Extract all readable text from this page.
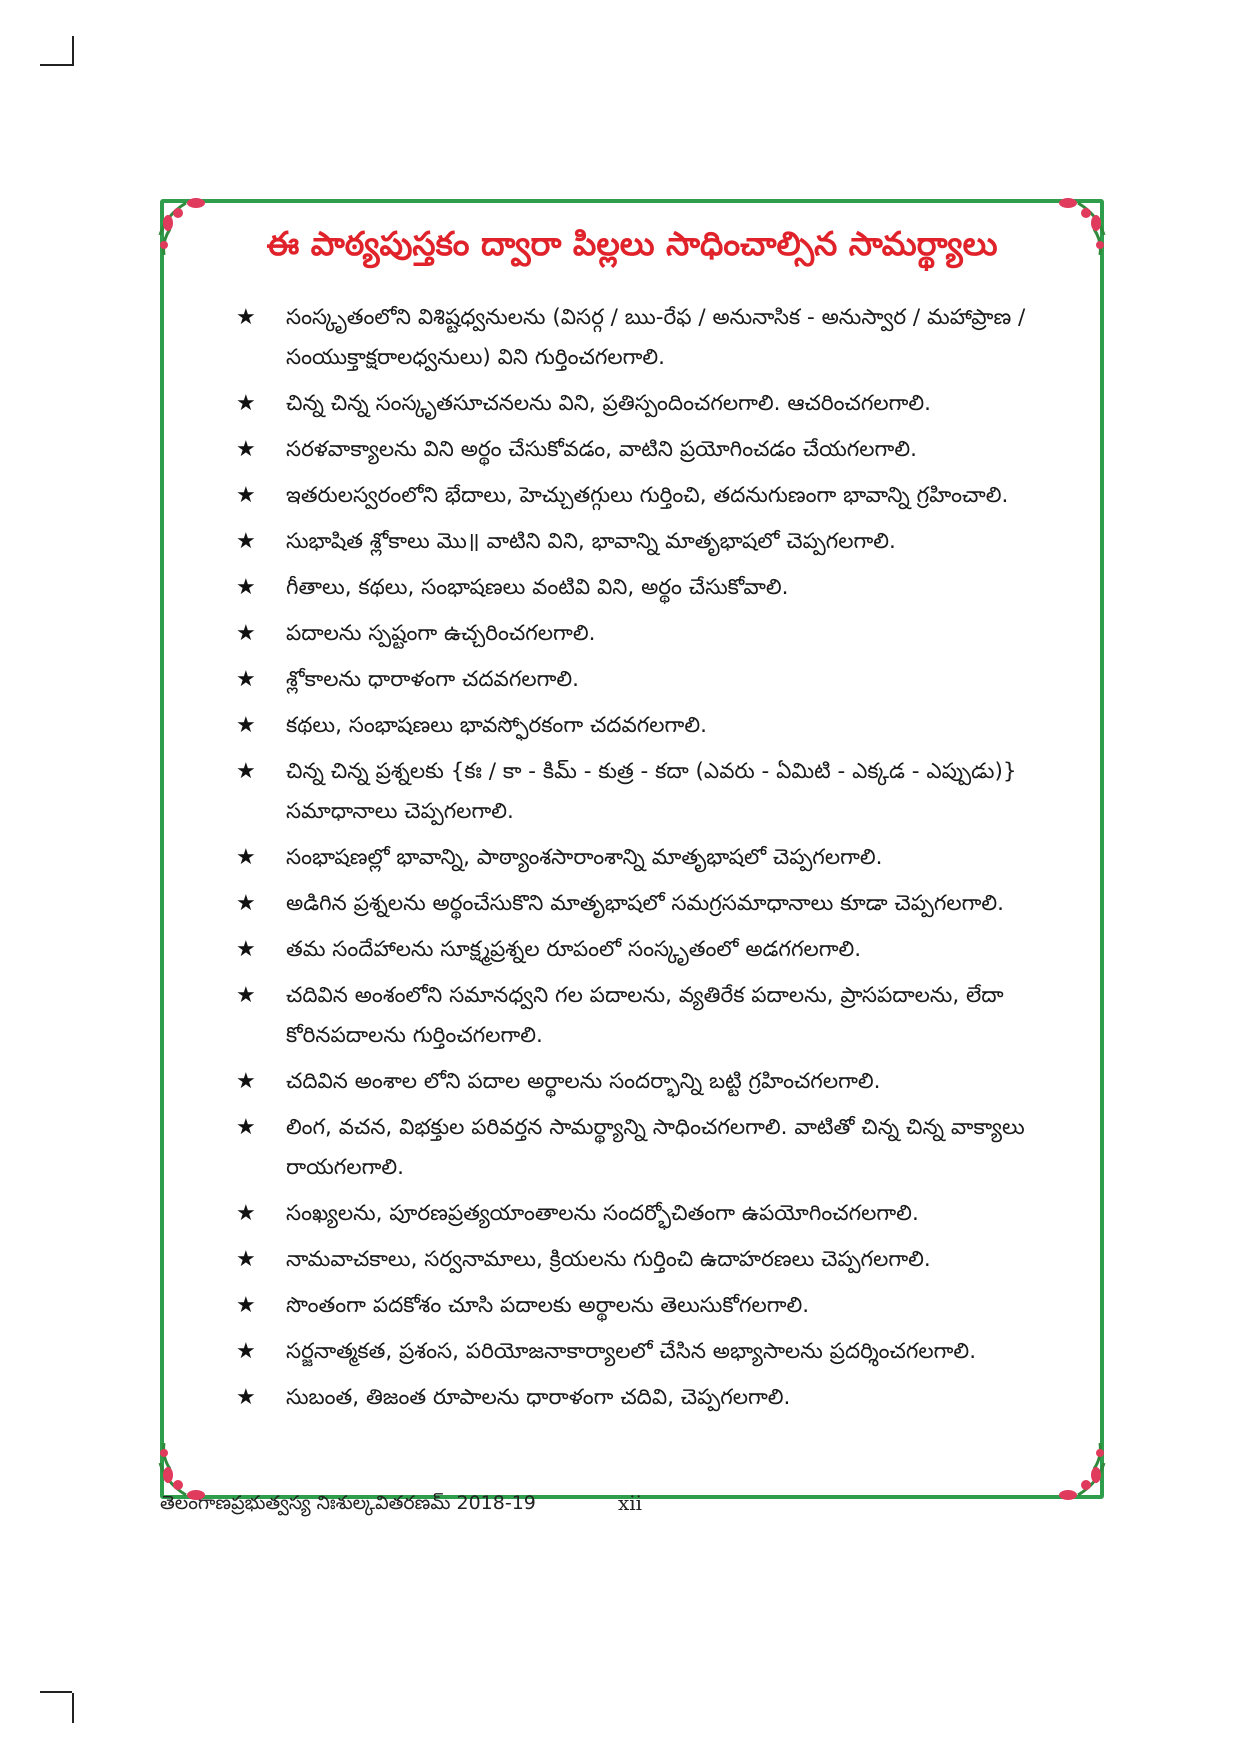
ఈ పాఠ్యపుస్తకం ద్వారా పిల్లలు సాధించాల్సిన సామర్థ్యాలు
★ సంస్కృతంలోని విశిష్టధ్వనులను (విసర్గ / ఋ-రేఫ / అనునాసిక - అనుస్వార / మహాప్రాణ / సంయుక్తాక్షరాలధ్వనులు) విని గుర్తించగలగాలి.
★ చిన్న చిన్న సంస్కృతసూచనలను విని, ప్రతిస్పందించగలగాలి. ఆచరించగలగాలి.
★ సరళవాక్యాలను విని అర్థం చేసుకోవడం, వాటిని ప్రయోగించడం చేయగలగాలి.
★ ఇతరులస్వరంలోని భేదాలు, హెచ్చుతగ్గులు గుర్తించి, తదనుగుణంగా భావాన్ని గ్రహించాలి.
★ సుభాషిత శ్లోకాలు మొ॥ వాటిని విని, భావాన్ని మాతృభాషలో చెప్పగలగాలి.
★ గీతాలు, కథలు, సంభాషణలు వంటివి విని, అర్థం చేసుకోవాలి.
★ పదాలను స్పష్టంగా ఉచ్చరించగలగాలి.
★ శ్లోకాలను ధారాళంగా చదవగలగాలి.
★ కథలు, సంభాషణలు భావస్ఫోరకంగా చదవగలగాలి.
★ చిన్న చిన్న ప్రశ్నలకు {కః / కా - కిమ్ - కుత్ర - కదా (ఎవరు - ఏమిటి - ఎక్కడ - ఎప్పుడు)} సమాధానాలు చెప్పగలగాలి.
★ సంభాషణల్లో భావాన్ని, పాఠ్యాంశసారాంశాన్ని మాతృభాషలో చెప్పగలగాలి.
★ అడిగిన ప్రశ్నలను అర్థంచేసుకొని మాతృభాషలో సమగ్రసమాధానాలు కూడా చెప్పగలగాలి.
★ తమ సందేహాలను సూక్ష్మప్రశ్నల రూపంలో సంస్కృతంలో అడగగలగాలి.
★ చదివిన అంశంలోని సమానధ్వని గల పదాలను, వ్యతిరేక పదాలను, ప్రాసపదాలను, లేదా కోరినపదాలను గుర్తించగలగాలి.
★ చదివిన అంశాల లోని పదాల అర్థాలను సందర్భాన్ని బట్టి గ్రహించగలగాలి.
★ లింగ, వచన, విభక్తుల పరివర్తన సామర్థ్యాన్ని సాధించగలగాలి. వాటితో చిన్న చిన్న వాక్యాలు రాయగలగాలి.
★ సంఖ్యలను, పూరణప్రత్యయాంతాలను సందర్భోచితంగా ఉపయోగించగలగాలి.
★ నామవాచకాలు, సర్వనామాలు, క్రియలను గుర్తించి ఉదాహరణలు చెప్పగలగాలి.
★ సొంతంగా పదకోశం చూసి పదాలకు అర్థాలను తెలుసుకోగలగాలి.
★ సర్జనాత్మకత, ప్రశంస, పరియోజనాకార్యాలలో చేసిన అభ్యాసాలను ప్రదర్శించగలగాలి.
★ సుబంత, తిజంత రూపాలను ధారాళంగా చదివి, చెప్పగలగాలి.
తెలంగాణప్రభుత్వస్య నిఃశుల్కవితరణమ్ 2018-19	xii
